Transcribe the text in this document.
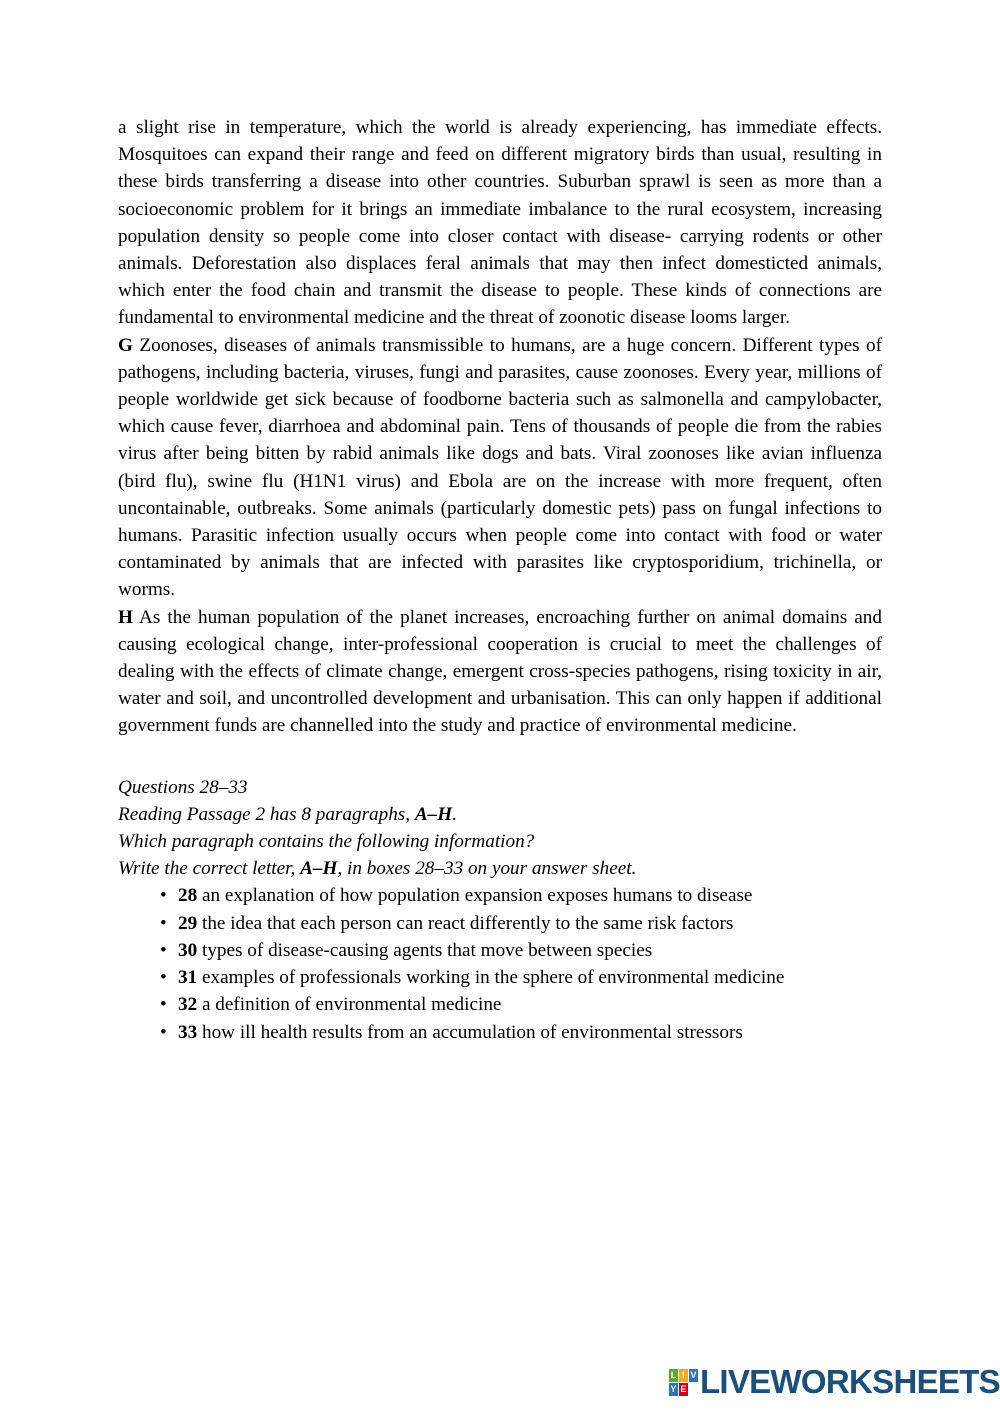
a slight rise in temperature, which the world is already experiencing, has immediate effects. Mosquitoes can expand their range and feed on different migratory birds than usual, resulting in these birds transferring a disease into other countries. Suburban sprawl is seen as more than a socioeconomic problem for it brings an immediate imbalance to the rural ecosystem, increasing population density so people come into closer contact with disease- carrying rodents or other animals. Deforestation also displaces feral animals that may then infect domesticted animals, which enter the food chain and transmit the disease to people. These kinds of connections are fundamental to environmental medicine and the threat of zoonotic disease looms larger.

G Zoonoses, diseases of animals transmissible to humans, are a huge concern. Different types of pathogens, including bacteria, viruses, fungi and parasites, cause zoonoses. Every year, millions of people worldwide get sick because of foodborne bacteria such as salmonella and campylobacter, which cause fever, diarrhoea and abdominal pain. Tens of thousands of people die from the rabies virus after being bitten by rabid animals like dogs and bats. Viral zoonoses like avian influenza (bird flu), swine flu (H1N1 virus) and Ebola are on the increase with more frequent, often uncontainable, outbreaks. Some animals (particularly domestic pets) pass on fungal infections to humans. Parasitic infection usually occurs when people come into contact with food or water contaminated by animals that are infected with parasites like cryptosporidium, trichinella, or worms.

H As the human population of the planet increases, encroaching further on animal domains and causing ecological change, inter-professional cooperation is crucial to meet the challenges of dealing with the effects of climate change, emergent cross-species pathogens, rising toxicity in air, water and soil, and uncontrolled development and urbanisation. This can only happen if additional government funds are channelled into the study and practice of environmental medicine.

Questions 28–33

Reading Passage 2 has 8 paragraphs, A–H.

Which paragraph contains the following information?

Write the correct letter, A–H, in boxes 28–33 on your answer sheet.

• 28 an explanation of how population expansion exposes humans to disease
• 29 the idea that each person can react differently to the same risk factors
• 30 types of disease-causing agents that move between species
• 31 examples of professionals working in the sphere of environmental medicine
• 32 a definition of environmental medicine
• 33 how ill health results from an accumulation of environmental stressors
L I V
Y E LIVEWORKSHEETS
